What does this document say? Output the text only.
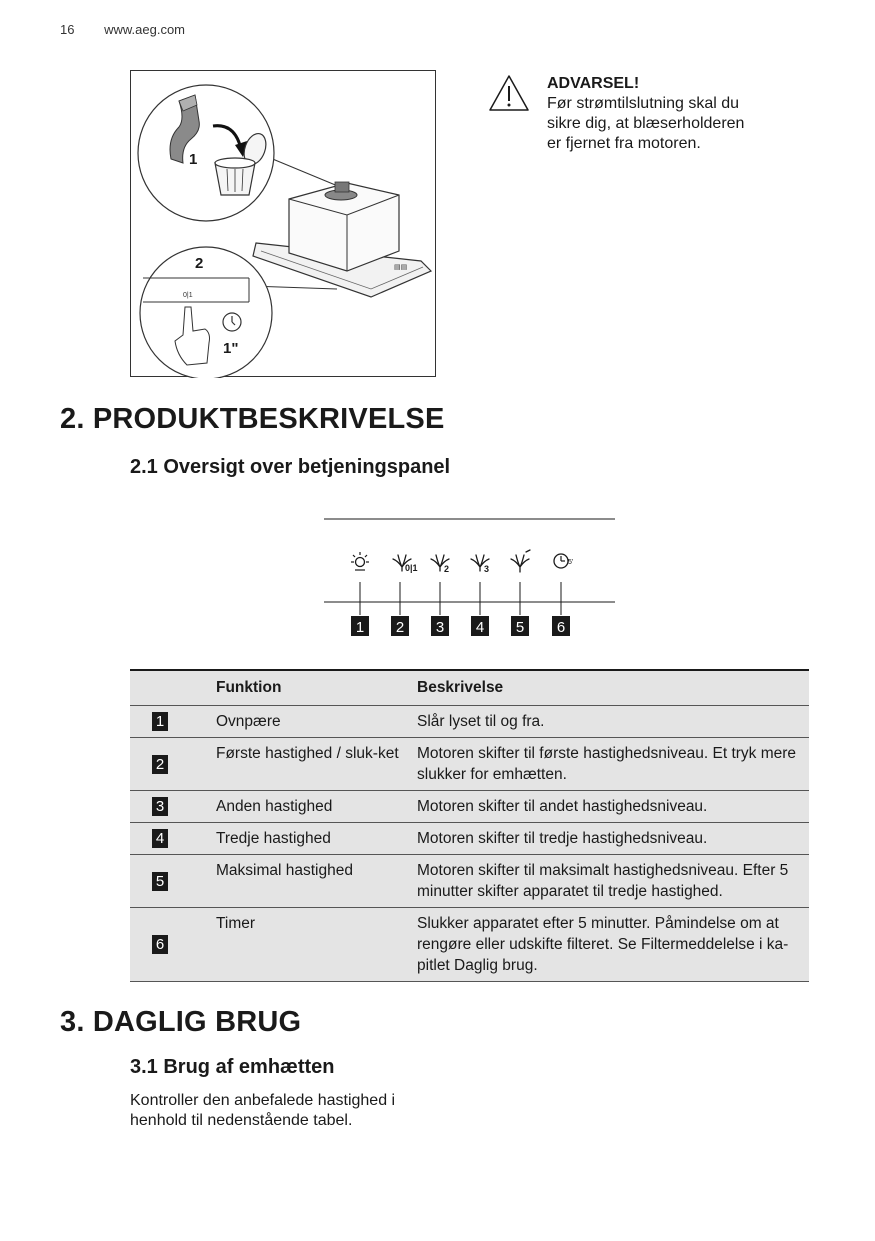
16 www.aeg.com
1
▤▤
2
0|1
1"
ADVARSEL!
Før strømtilslutning skal du
sikre dig, at blæserholderen
er fjernet fra motoren.
2. PRODUKTBESKRIVELSE
2.1 Oversigt over betjeningspanel
0|1	2	3
5'
1 2 3 4 5 6
	Funktion	Beskrivelse
1	Ovnpære	Slår lyset til og fra.
2	Første hastighed / sluk-ket	Motoren skifter til første hastighedsniveau. Et tryk mere slukker for emhætten.
3	Anden hastighed	Motoren skifter til andet hastighedsniveau.
4	Tredje hastighed	Motoren skifter til tredje hastighedsniveau.
5	Maksimal hastighed	Motoren skifter til maksimalt hastighedsniveau. Efter 5 minutter skifter apparatet til tredje hastighed.
6	Timer	Slukker apparatet efter 5 minutter. Påmindelse om at rengøre eller udskifte filteret. Se Filtermeddelelse i ka-pitlet Daglig brug.
3. DAGLIG BRUG
3.1 Brug af emhætten
Kontroller den anbefalede hastighed i
henhold til nedenstående tabel.
